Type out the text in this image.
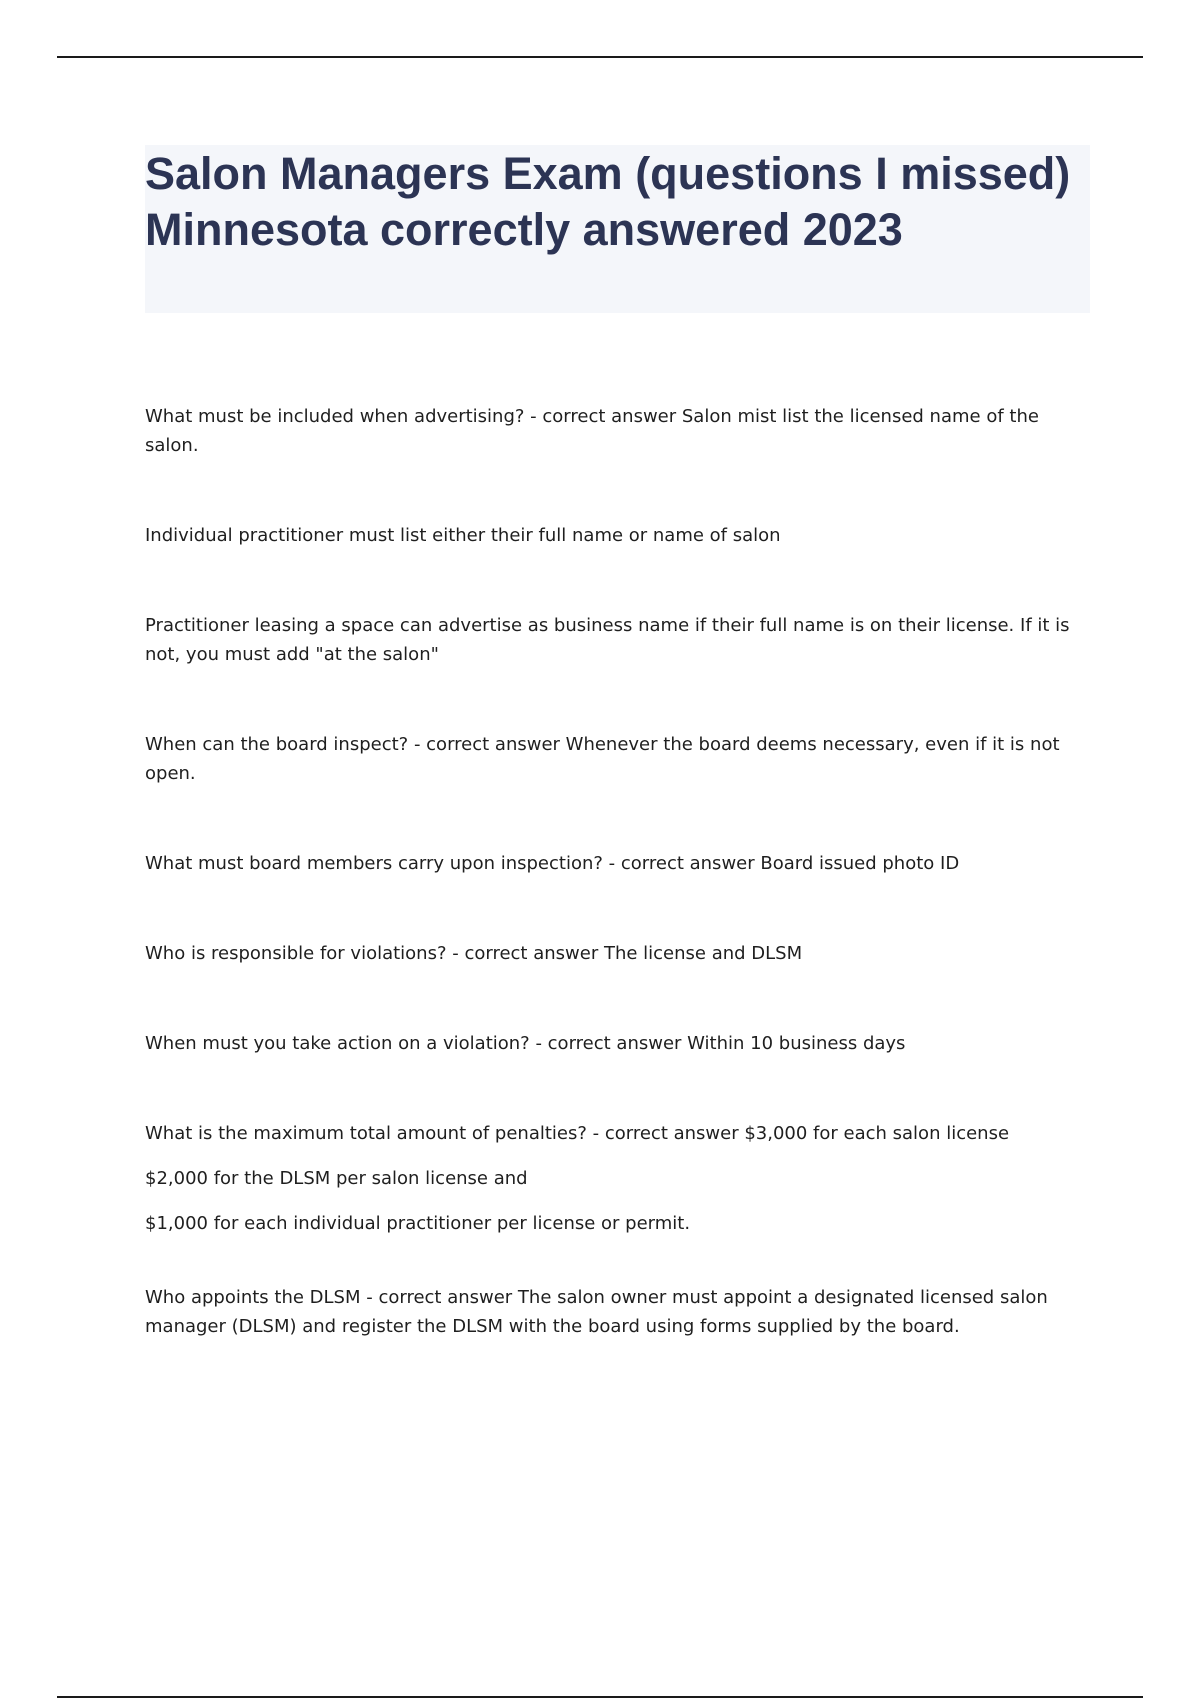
Salon Managers Exam (questions I missed) Minnesota correctly answered 2023

What must be included when advertising? - correct answer Salon mist list the licensed name of the salon.

Individual practitioner must list either their full name or name of salon

Practitioner leasing a space can advertise as business name if their full name is on their license. If it is not, you must add "at the salon"

When can the board inspect? - correct answer Whenever the board deems necessary, even if it is not open.

What must board members carry upon inspection? - correct answer Board issued photo ID

Who is responsible for violations? - correct answer The license and DLSM

When must you take action on a violation? - correct answer Within 10 business days

What is the maximum total amount of penalties? - correct answer $3,000 for each salon license

$2,000 for the DLSM per salon license and

$1,000 for each individual practitioner per license or permit.

Who appoints the DLSM - correct answer The salon owner must appoint a designated licensed salon manager (DLSM) and register the DLSM with the board using forms supplied by the board.
